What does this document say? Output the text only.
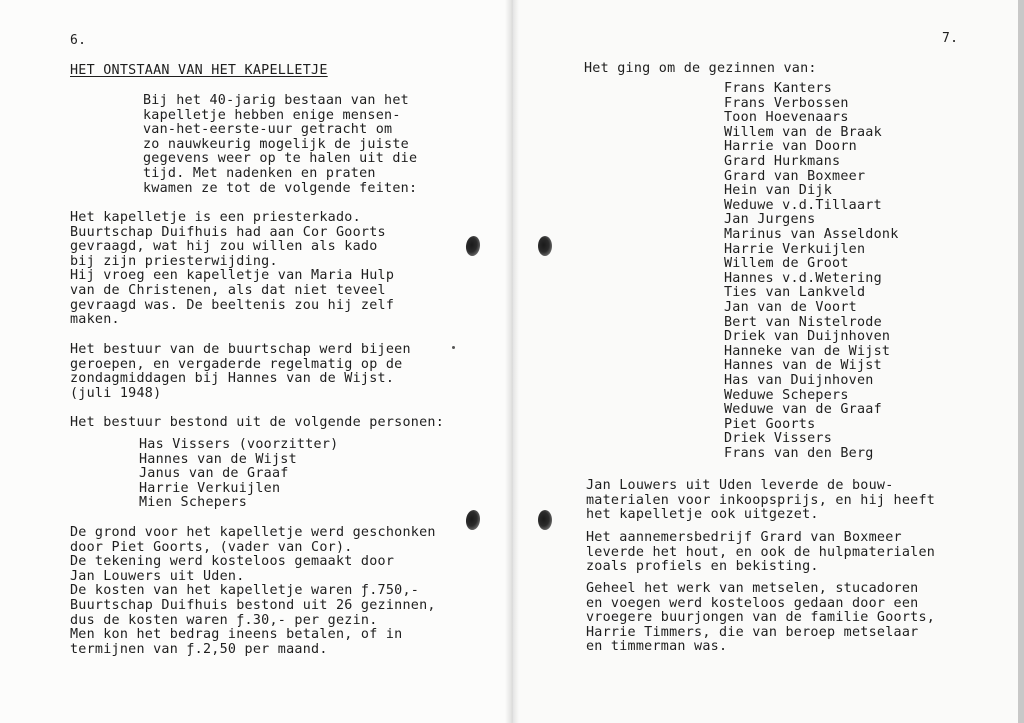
6.
HET ONTSTAAN VAN HET KAPELLETJE
Bij het 40-jarig bestaan van het
kapelletje hebben enige mensen-
van-het-eerste-uur getracht om
zo nauwkeurig mogelijk de juiste
gegevens weer op te halen uit die
tijd. Met nadenken en praten
kwamen ze tot de volgende feiten:
Het kapelletje is een priesterkado.
Buurtschap Duifhuis had aan Cor Goorts
gevraagd, wat hij zou willen als kado
bij zijn priesterwijding.
Hij vroeg een kapelletje van Maria Hulp
van de Christenen, als dat niet teveel
gevraagd was. De beeltenis zou hij zelf
maken.
Het bestuur van de buurtschap werd bijeen
geroepen, en vergaderde regelmatig op de
zondagmiddagen bij Hannes van de Wijst.
(juli 1948)
Het bestuur bestond uit de volgende personen:
Has Vissers (voorzitter)
Hannes van de Wijst
Janus van de Graaf
Harrie Verkuijlen
Mien Schepers
De grond voor het kapelletje werd geschonken
door Piet Goorts, (vader van Cor).
De tekening werd kosteloos gemaakt door
Jan Louwers uit Uden.
De kosten van het kapelletje waren ƒ.750,-
Buurtschap Duifhuis bestond uit 26 gezinnen,
dus de kosten waren ƒ.30,- per gezin.
Men kon het bedrag ineens betalen, of in
termijnen van ƒ.2,50 per maand.
7.
Het ging om de gezinnen van:
Frans Kanters
Frans Verbossen
Toon Hoevenaars
Willem van de Braak
Harrie van Doorn
Grard Hurkmans
Grard van Boxmeer
Hein van Dijk
Weduwe v.d.Tillaart
Jan Jurgens
Marinus van Asseldonk
Harrie Verkuijlen
Willem de Groot
Hannes v.d.Wetering
Ties van Lankveld
Jan van de Voort
Bert van Nistelrode
Driek van Duijnhoven
Hanneke van de Wijst
Hannes van de Wijst
Has van Duijnhoven
Weduwe Schepers
Weduwe van de Graaf
Piet Goorts
Driek Vissers
Frans van den Berg
Jan Louwers uit Uden leverde de bouw-
materialen voor inkoopsprijs, en hij heeft
het kapelletje ook uitgezet.
Het aannemersbedrijf Grard van Boxmeer
leverde het hout, en ook de hulpmaterialen
zoals profiels en bekisting.
Geheel het werk van metselen, stucadoren
en voegen werd kosteloos gedaan door een
vroegere buurjongen van de familie Goorts,
Harrie Timmers, die van beroep metselaar
en timmerman was.
